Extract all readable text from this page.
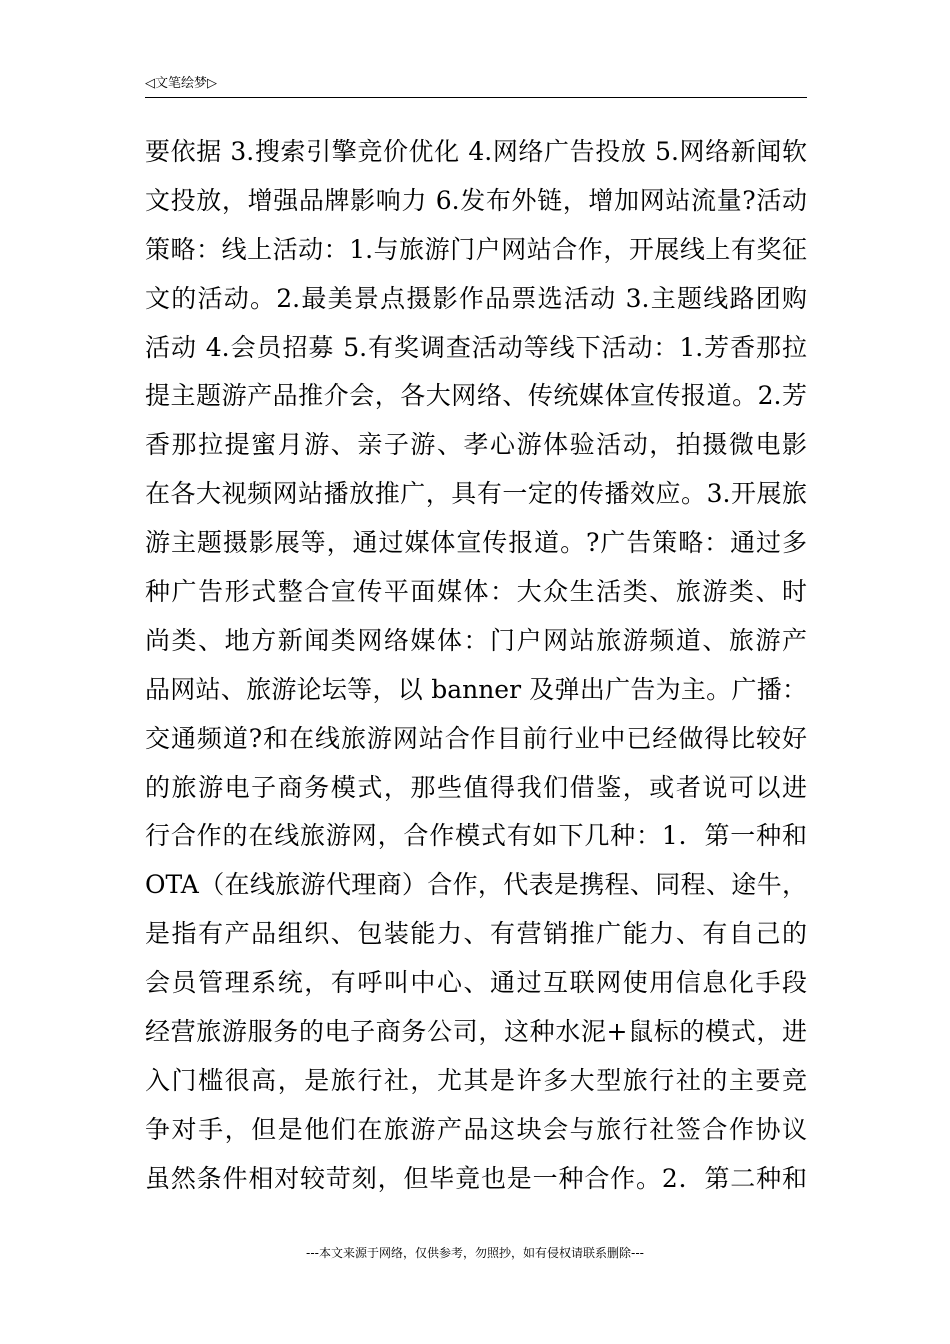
◁文笔绘梦▷
要依据 3.搜索引擎竞价优化 4.网络广告投放 5.网络新闻软
文投放，增强品牌影响力 6.发布外链，增加网站流量?活动
策略：线上活动：1.与旅游门户网站合作，开展线上有奖征
文的活动。2.最美景点摄影作品票选活动 3.主题线路团购
活动 4.会员招募 5.有奖调查活动等线下活动：1.芳香那拉
提主题游产品推介会，各大网络、传统媒体宣传报道。2.芳
香那拉提蜜月游、亲子游、孝心游体验活动，拍摄微电影
在各大视频网站播放推广，具有一定的传播效应。3.开展旅
游主题摄影展等，通过媒体宣传报道。?广告策略：通过多
种广告形式整合宣传平面媒体：大众生活类、旅游类、时
尚类、地方新闻类网络媒体：门户网站旅游频道、旅游产
品网站、旅游论坛等，以 banner 及弹出广告为主。广播：
交通频道?和在线旅游网站合作目前行业中已经做得比较好
的旅游电子商务模式，那些值得我们借鉴，或者说可以进
行合作的在线旅游网，合作模式有如下几种：1．第一种和
OTA（在线旅游代理商）合作，代表是携程、同程、途牛，
是指有产品组织、包装能力、有营销推广能力、有自己的
会员管理系统，有呼叫中心、通过互联网使用信息化手段
经营旅游服务的电子商务公司，这种水泥+鼠标的模式，进
入门槛很高，是旅行社，尤其是许多大型旅行社的主要竞
争对手，但是他们在旅游产品这块会与旅行社签合作协议
虽然条件相对较苛刻，但毕竟也是一种合作。2．第二种和
---本文来源于网络，仅供参考，勿照抄，如有侵权请联系删除---
